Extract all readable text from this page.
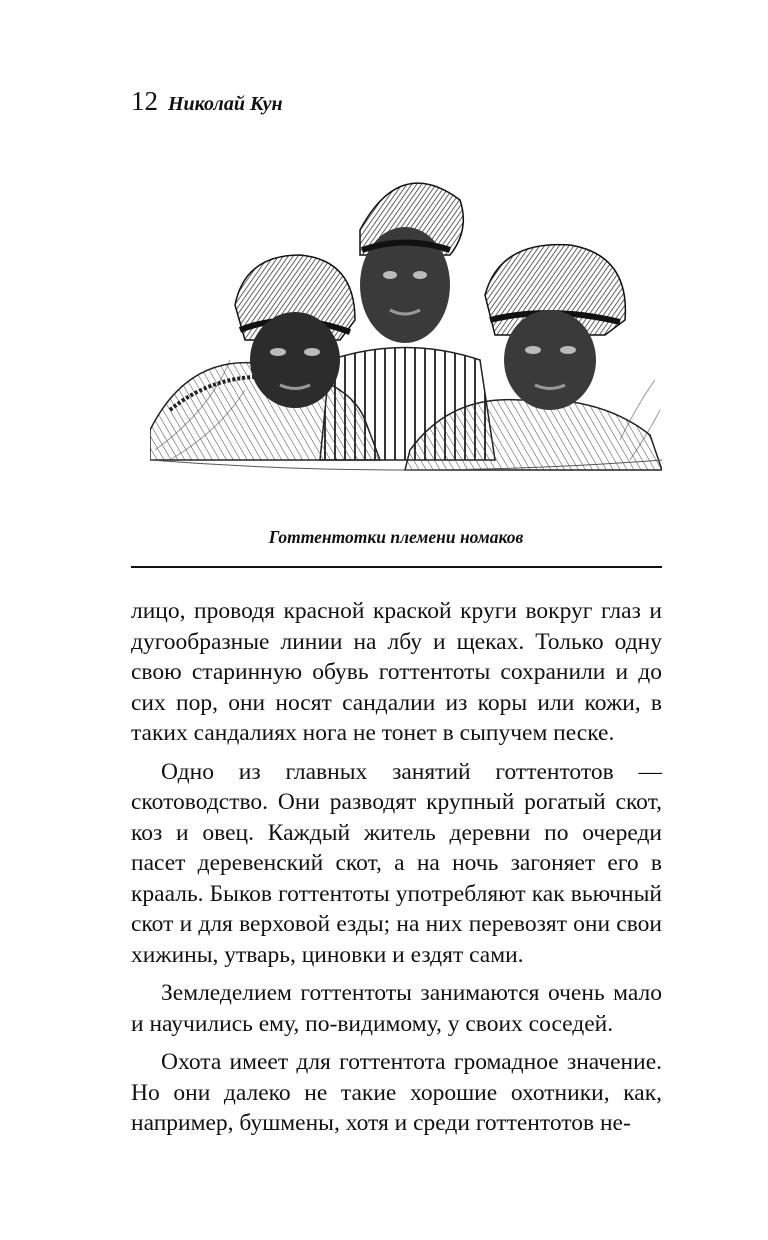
12 Николай Кун
Готтентотки племени номаков

лицо, проводя красной краской круги вокруг глаз и дугообразные линии на лбу и щеках. Только одну свою старинную обувь готтентоты сохранили и до сих пор, они носят сандалии из коры или кожи, в таких сандалиях нога не тонет в сыпучем песке.

Одно из главных занятий готтентотов — скотоводство. Они разводят крупный рогатый скот, коз и овец. Каждый житель деревни по очереди пасет деревенский скот, а на ночь загоняет его в крааль. Быков готтентоты употребляют как вьючный скот и для верховой езды; на них перевозят они свои хижины, утварь, циновки и ездят сами.

Земледелием готтентоты занимаются очень мало и научились ему, по-видимому, у своих соседей.

Охота имеет для готтентота громадное значение. Но они далеко не такие хорошие охотники, как, например, бушмены, хотя и среди готтентотов не-
